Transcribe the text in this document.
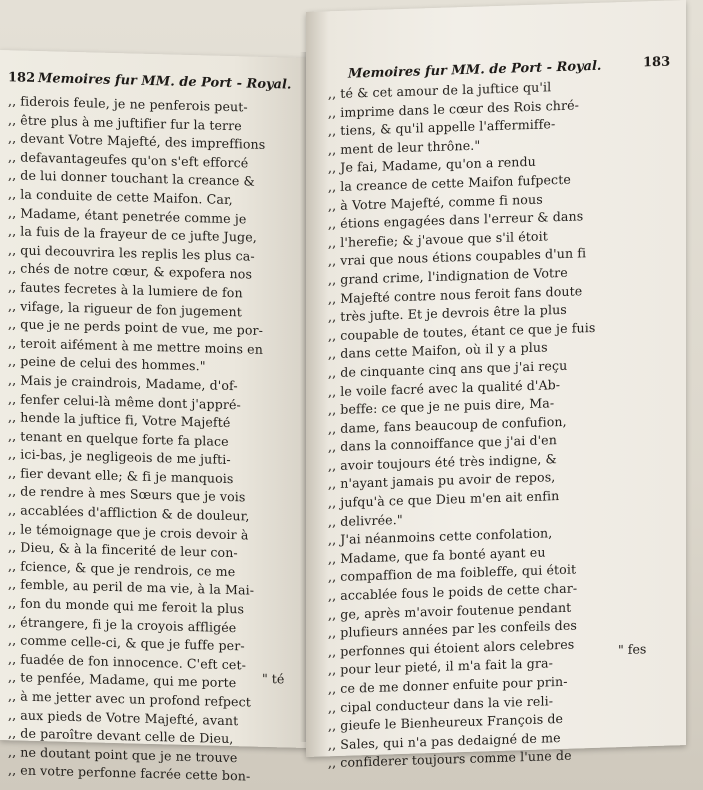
182 Memoires fur MM. de Port - Royal.
,, fiderois feule, je ne penferois peut-
,, être plus à me juftifier fur la terre
,, devant Votre Majefté, des impreffions
,, defavantageufes qu'on s'eft efforcé
,, de lui donner touchant la creance &
,, la conduite de cette Maifon. Car,
,, Madame, étant penetrée comme je
,, la fuis de la frayeur de ce jufte Juge,
,, qui decouvrira les replis les plus ca-
,, chés de notre cœur, & expofera nos
,, fautes fecretes à la lumiere de fon
,, vifage, la rigueur de fon jugement
,, que je ne perds point de vue, me por-
,, teroit aifément à me mettre moins en
,, peine de celui des hommes."
,, Mais je craindrois, Madame, d'of-
,, fenfer celui-là même dont j'appré-
,, hende la juftice fi, Votre Majefté
,, tenant en quelque forte fa place
,, ici-bas, je negligeois de me jufti-
,, fier devant elle; & fi je manquois
,, de rendre à mes Sœurs que je vois
,, accablées d'affliction & de douleur,
,, le témoignage que je crois devoir à
,, Dieu, & à la fincerité de leur con-
,, fcience, & que je rendrois, ce me
,, femble, au peril de ma vie, à la Mai-
,, fon du monde qui me feroit la plus
,, étrangere, fi je la croyois affligée
,, comme celle-ci, & que je fuffe per-
,, fuadée de fon innocence. C'eft cet-
,, te penfée, Madame, qui me porte
,, à me jetter avec un profond refpect
,, aux pieds de Votre Majefté, avant
,, de paroître devant celle de Dieu,
,, ne doutant point que je ne trouve
,, en votre perfonne facrée cette bon-
" té
Memoires fur MM. de Port - Royal.	183
,, té & cet amour de la juftice qu'il
,, imprime dans le cœur des Rois chré-
,, tiens, & qu'il appelle l'affermiffe-
,, ment de leur thrône."
,, Je fai, Madame, qu'on a rendu
,, la creance de cette Maifon fufpecte
,, à Votre Majefté, comme fi nous
,, étions engagées dans l'erreur & dans
,, l'herefie; & j'avoue que s'il étoit
,, vrai que nous étions coupables d'un fi
,, grand crime, l'indignation de Votre
,, Majefté contre nous feroit fans doute
,, très jufte. Et je devrois être la plus
,, coupable de toutes, étant ce que je fuis
,, dans cette Maifon, où il y a plus
,, de cinquante cinq ans que j'ai reçu
,, le voile facré avec la qualité d'Ab-
,, beffe: ce que je ne puis dire, Ma-
,, dame, fans beaucoup de confufion,
,, dans la connoiffance que j'ai d'en
,, avoir toujours été très indigne, &
,, n'ayant jamais pu avoir de repos,
,, jufqu'à ce que Dieu m'en ait enfin
,, delivrée."
,, J'ai néanmoins cette confolation,
,, Madame, que fa bonté ayant eu
,, compaffion de ma foibleffe, qui étoit
,, accablée fous le poids de cette char-
,, ge, après m'avoir foutenue pendant
,, plufieurs années par les confeils des
,, perfonnes qui étoient alors celebres
,, pour leur pieté, il m'a fait la gra-
,, ce de me donner enfuite pour prin-
,, cipal conducteur dans la vie reli-
,, gieufe le Bienheureux François de
,, Sales, qui n'a pas dedaigné de me
,, confiderer toujours comme l'une de
" fes
